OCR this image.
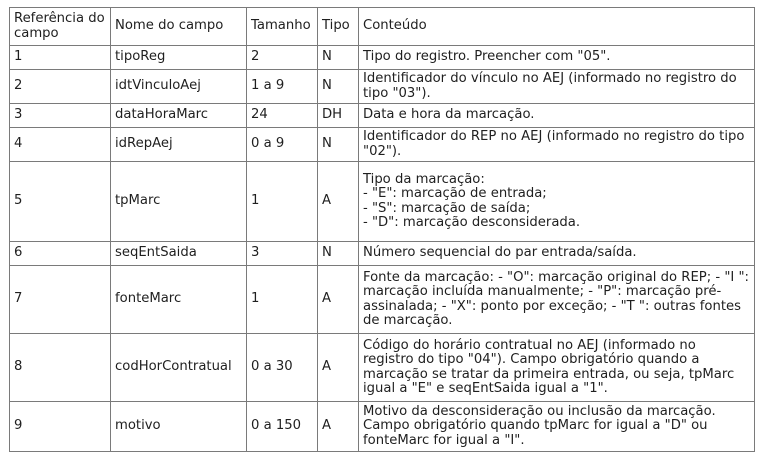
Referência do campo	Nome do campo	Tamanho	Tipo	Conteúdo
1	tipoReg	2	N	Tipo do registro. Preencher com "05".
2	idtVinculoAej	1 a 9	N	Identificador do vínculo no AEJ (informado no registro do tipo "03").
3	dataHoraMarc	24	DH	Data e hora da marcação.
4	idRepAej	0 a 9	N	Identificador do REP no AEJ (informado no registro do tipo "02").
5	tpMarc	1	A	Tipo da marcação:
- "E": marcação de entrada;
- "S": marcação de saída;
- "D": marcação desconsiderada.
6	seqEntSaida	3	N	Número sequencial do par entrada/saída.
7	fonteMarc	1	A	Fonte da marcação: - "O": marcação original do REP; - "I ": marcação incluída manualmente; - "P": marcação pré-assinalada; - "X": ponto por exceção; - "T ": outras fontes de marcação.
8	codHorContratual	0 a 30	A	Código do horário contratual no AEJ (informado no registro do tipo "04"). Campo obrigatório quando a marcação se tratar da primeira entrada, ou seja, tpMarc igual a "E" e seqEntSaida igual a "1".
9	motivo	0 a 150	A	Motivo da desconsideração ou inclusão da marcação. Campo obrigatório quando tpMarc for igual a "D" ou fonteMarc for igual a "I".
